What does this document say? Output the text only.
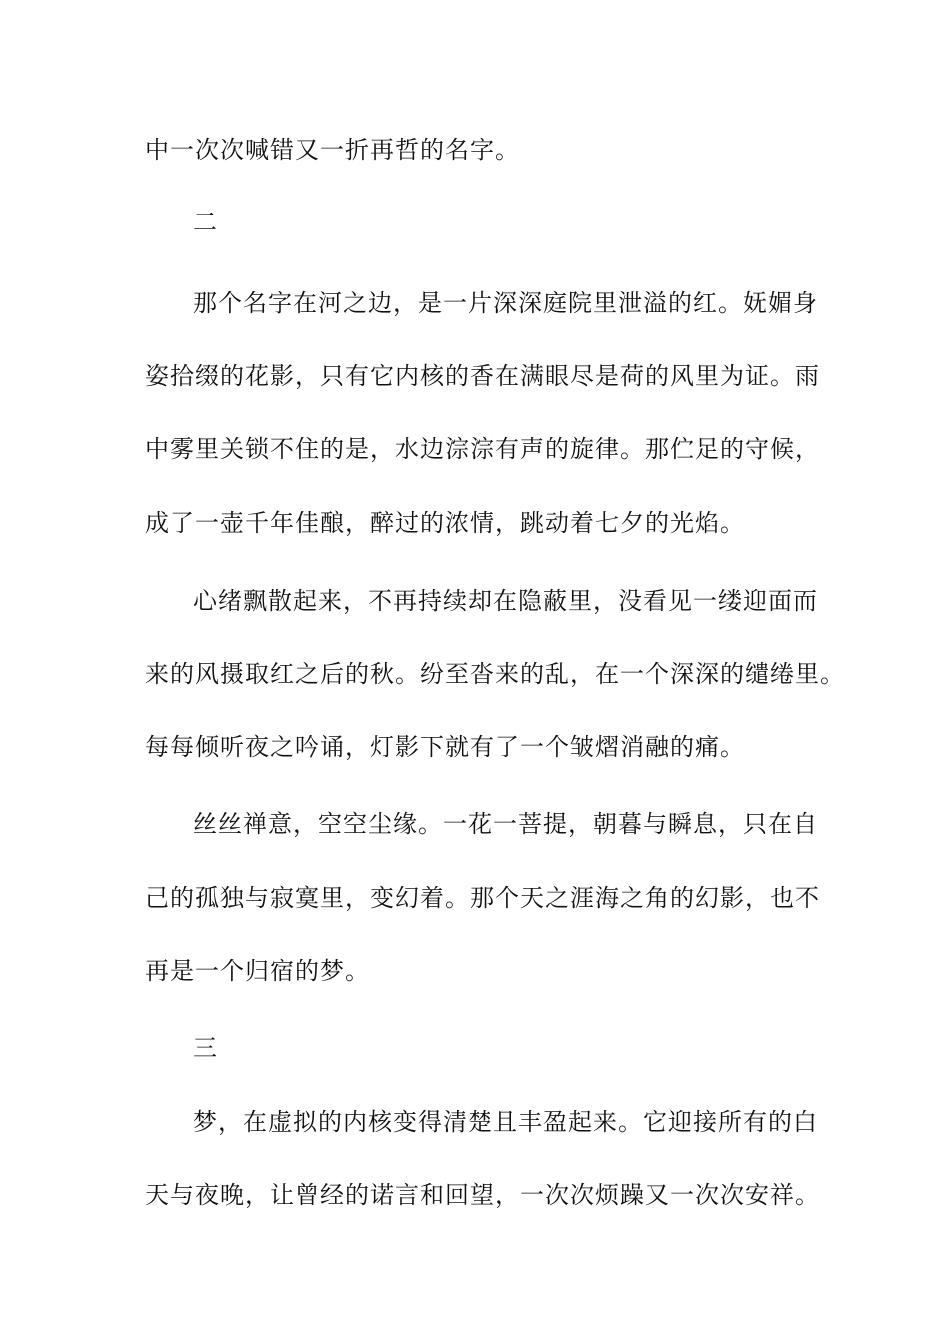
中一次次喊错又一折再哲的名字。
二
那个名字在河之边，是一片深深庭院里泄溢的红。妩媚身
姿拾缀的花影，只有它内核的香在满眼尽是荷的风里为证。雨
中雾里关锁不住的是，水边淙淙有声的旋律。那伫足的守候，
成了一壶千年佳酿，醉过的浓情，跳动着七夕的光焰。
心绪飘散起来，不再持续却在隐蔽里，没看见一缕迎面而
来的风摄取红之后的秋。纷至沓来的乱，在一个深深的缱绻里。
每每倾听夜之吟诵，灯影下就有了一个皱熠消融的痛。
丝丝禅意，空空尘缘。一花一菩提，朝暮与瞬息，只在自
己的孤独与寂寞里，变幻着。那个天之涯海之角的幻影，也不
再是一个归宿的梦。
三
梦，在虚拟的内核变得清楚且丰盈起来。它迎接所有的白
天与夜晚，让曾经的诺言和回望，一次次烦躁又一次次安祥。
